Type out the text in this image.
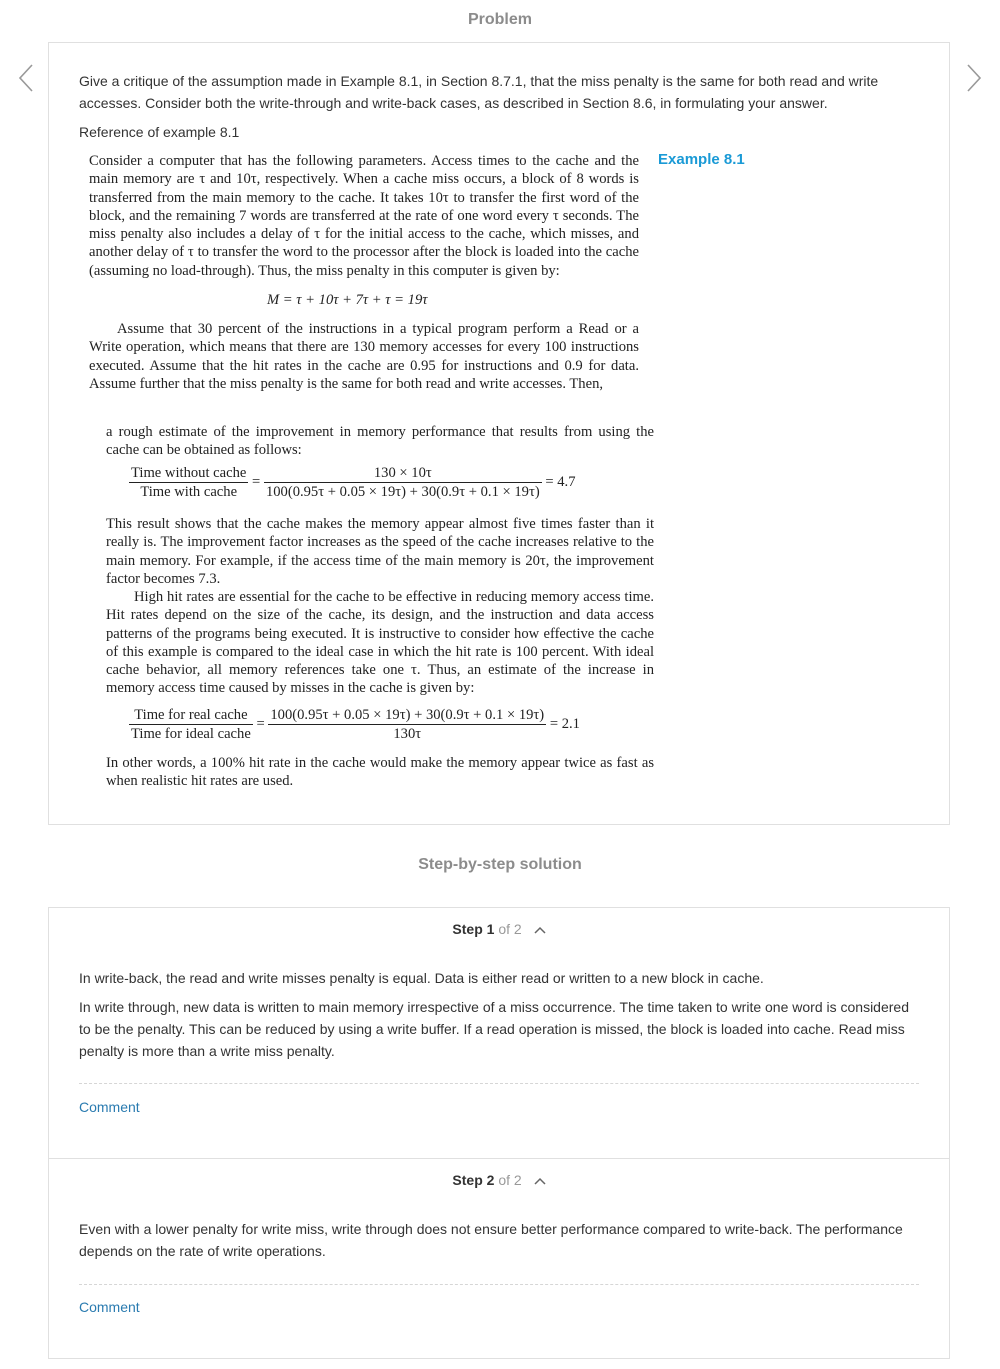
Problem
Give a critique of the assumption made in Example 8.1, in Section 8.7.1, that the miss penalty is the same for both read and write accesses. Consider both the write-through and write-back cases, as described in Section 8.6, in formulating your answer.
Reference of example 8.1
Consider a computer that has the following parameters. Access times to the cache and the main memory are τ and 10τ, respectively. When a cache miss occurs, a block of 8 words is transferred from the main memory to the cache. It takes 10τ to transfer the first word of the block, and the remaining 7 words are transferred at the rate of one word every τ seconds. The miss penalty also includes a delay of τ for the initial access to the cache, which misses, and another delay of τ to transfer the word to the processor after the block is loaded into the cache (assuming no load-through). Thus, the miss penalty in this computer is given by:
Example 8.1
M = τ + 10τ + 7τ + τ = 19τ
Assume that 30 percent of the instructions in a typical program perform a Read or a Write operation, which means that there are 130 memory accesses for every 100 instructions executed. Assume that the hit rates in the cache are 0.95 for instructions and 0.9 for data. Assume further that the miss penalty is the same for both read and write accesses. Then,
a rough estimate of the improvement in memory performance that results from using the cache can be obtained as follows:
$\frac{\text{Time without cache}}{\text{Time with cache}} = \frac{130 \times 10\tau}{100(0.95\tau + 0.05 \times 19\tau) + 30(0.9\tau + 0.1 \times 19\tau)} = 4.7$
This result shows that the cache makes the memory appear almost five times faster than it really is. The improvement factor increases as the speed of the cache increases relative to the main memory. For example, if the access time of the main memory is 20τ, the improvement factor becomes 7.3.
High hit rates are essential for the cache to be effective in reducing memory access time. Hit rates depend on the size of the cache, its design, and the instruction and data access patterns of the programs being executed. It is instructive to consider how effective the cache of this example is compared to the ideal case in which the hit rate is 100 percent. With ideal cache behavior, all memory references take one τ. Thus, an estimate of the increase in memory access time caused by misses in the cache is given by:
$\frac{\text{Time for real cache}}{\text{Time for ideal cache}} = \frac{100(0.95\tau + 0.05 \times 19\tau) + 30(0.9\tau + 0.1 \times 19\tau)}{130\tau} = 2.1$
In other words, a 100% hit rate in the cache would make the memory appear twice as fast as when realistic hit rates are used.
Step-by-step solution
Step 1 of 2

In write-back, the read and write misses penalty is equal. Data is either read or written to a new block in cache.

In write through, new data is written to main memory irrespective of a miss occurrence. The time taken to write one word is considered to be the penalty. This can be reduced by using a write buffer. If a read operation is missed, the block is loaded into cache. Read miss penalty is more than a write miss penalty.

Comment
Step 2 of 2

Even with a lower penalty for write miss, write through does not ensure better performance compared to write-back. The performance depends on the rate of write operations.

Comment
